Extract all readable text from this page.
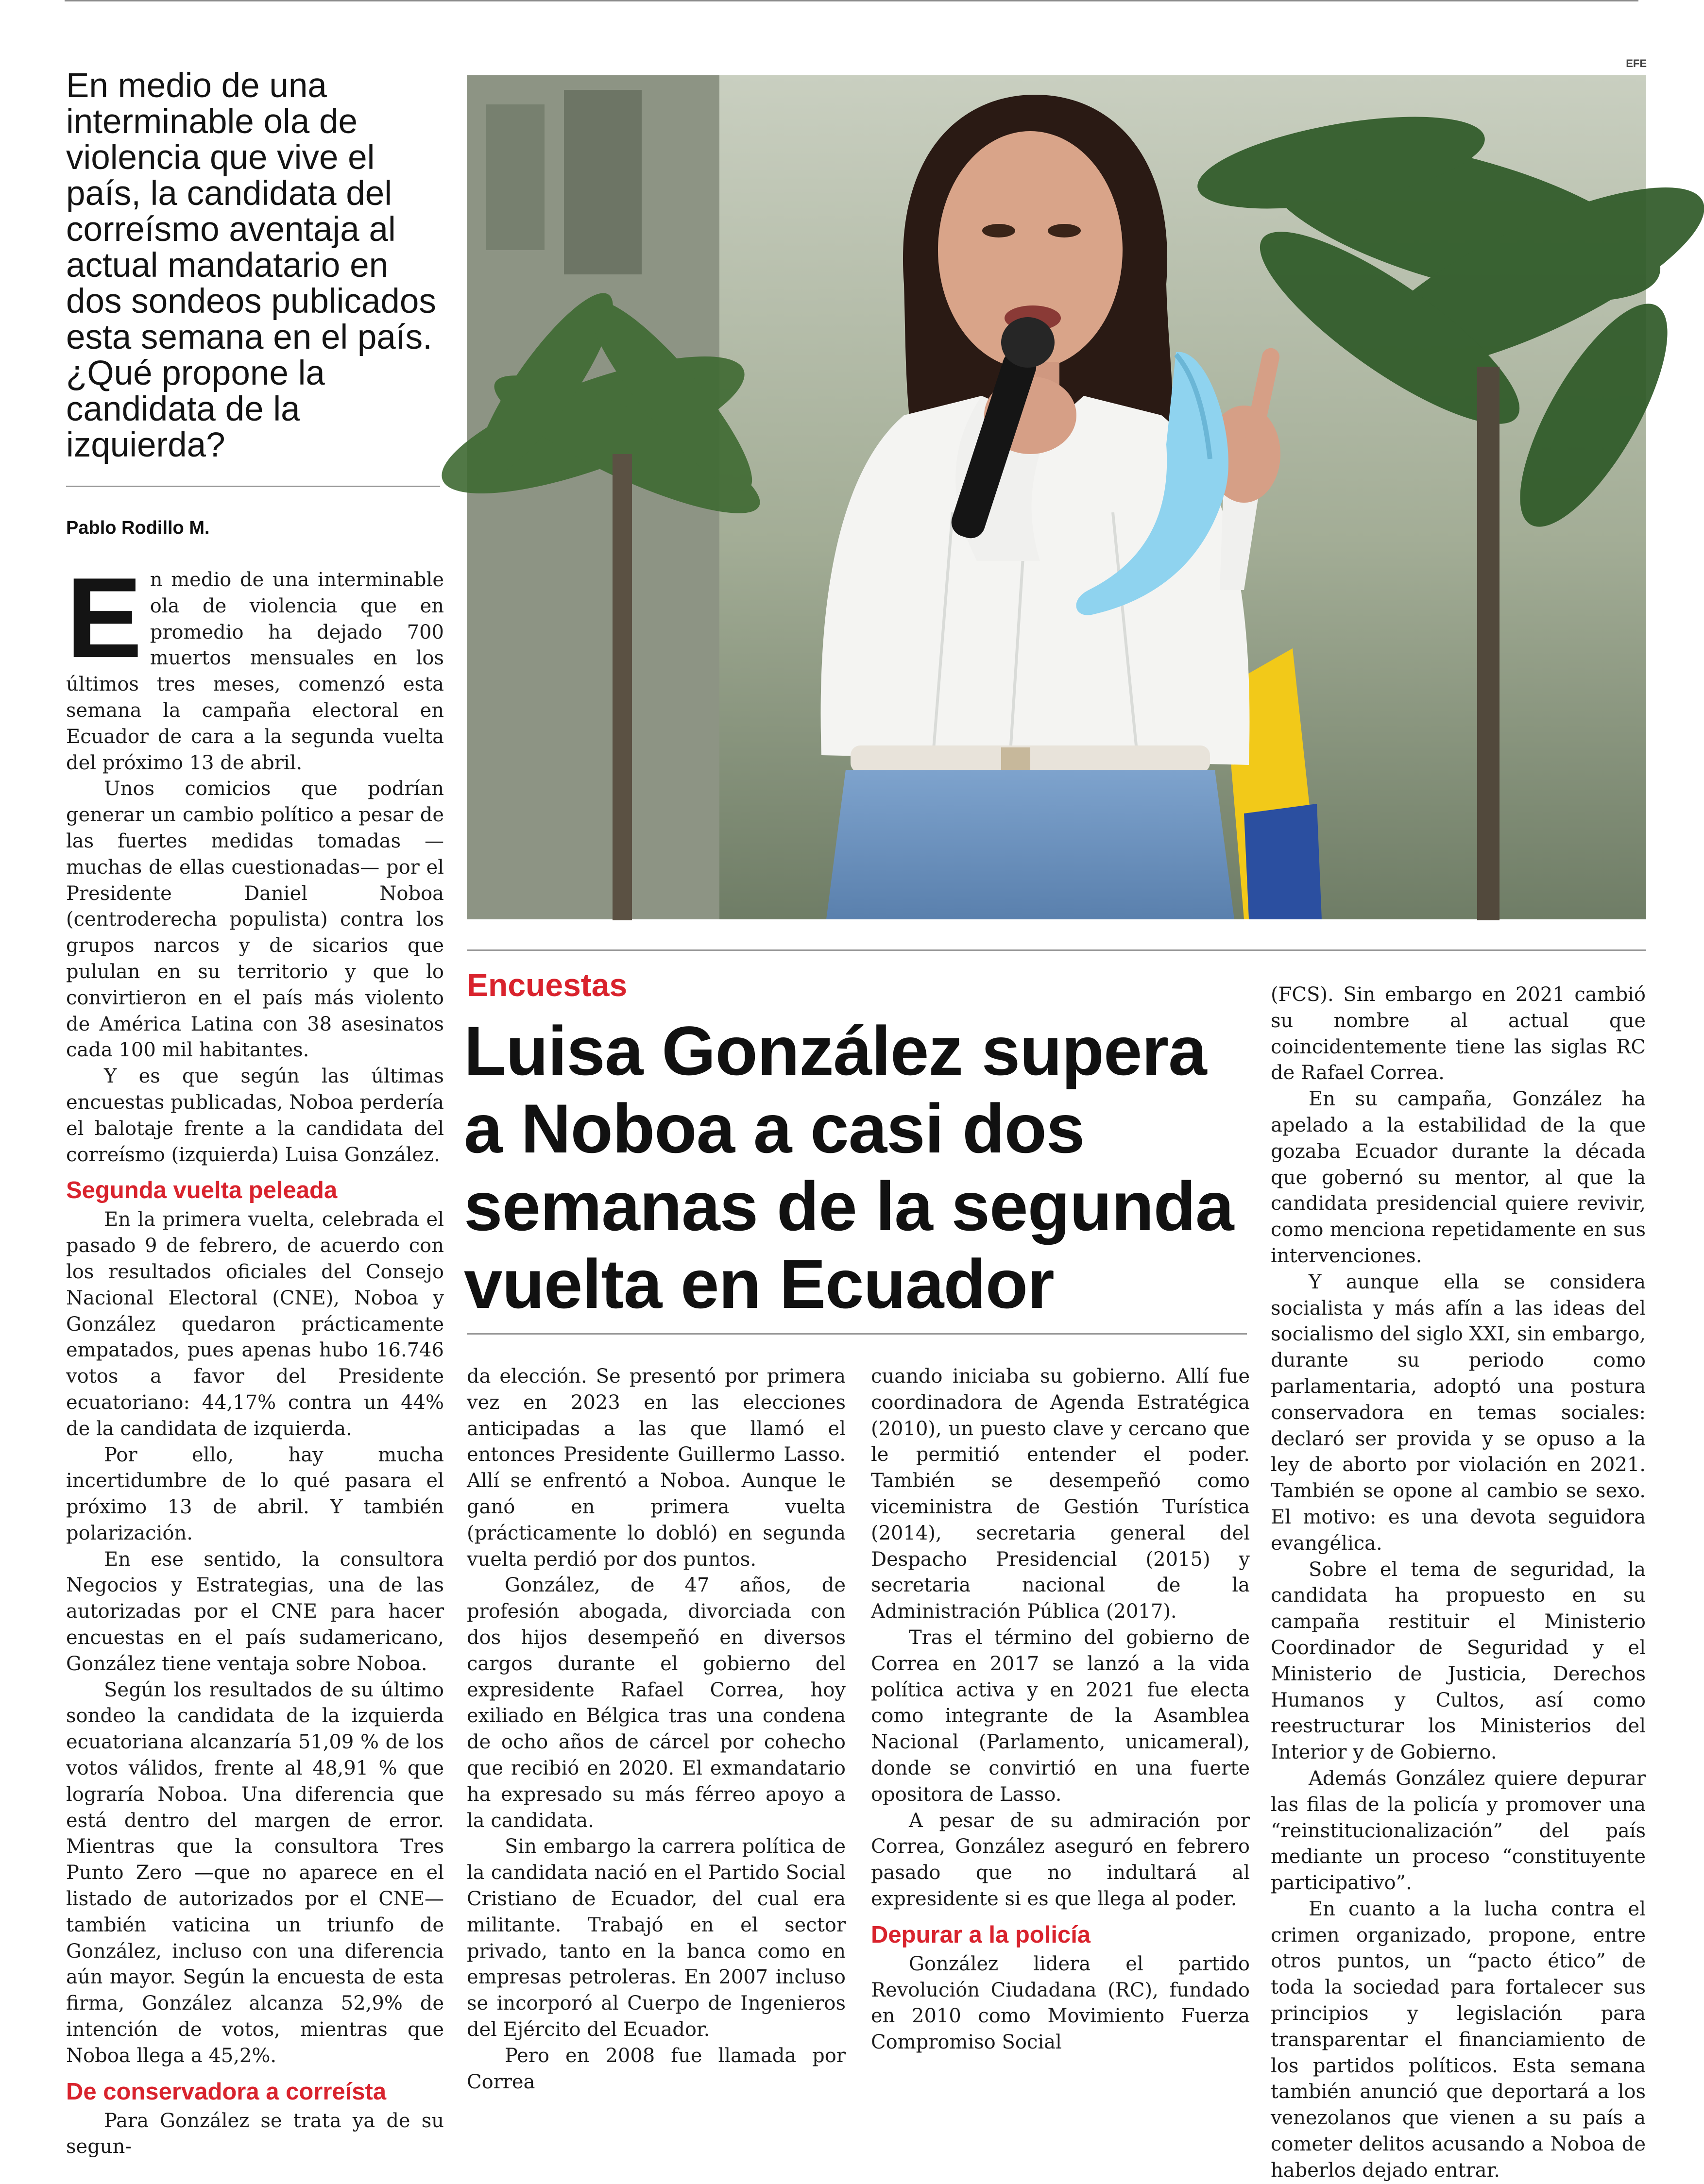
En medio de una interminable ola de violencia que vive el país, la candidata del correísmo aventaja al actual mandatario en dos sondeos publicados esta semana en el país. ¿Qué propone la candidata de la izquierda?

Pablo Rodillo M.

En medio de una interminable ola de violencia que en promedio ha dejado 700 muertos mensuales en los últimos tres meses, comenzó esta semana la campaña electoral en Ecuador de cara a la segunda vuelta del próximo 13 de abril.

Unos comicios que podrían generar un cambio político a pesar de las fuertes medidas tomadas —muchas de ellas cuestionadas— por el Presidente Daniel Noboa (centroderecha populista) contra los grupos narcos y de sicarios que pululan en su territorio y que lo convirtieron en el país más violento de América Latina con 38 asesinatos cada 100 mil habitantes.

Y es que según las últimas encuestas publicadas, Noboa perdería el balotaje frente a la candidata del correísmo (izquierda) Luisa González.

Segunda vuelta peleada

En la primera vuelta, celebrada el pasado 9 de febrero, de acuerdo con los resultados oficiales del Consejo Nacional Electoral (CNE), Noboa y González quedaron prácticamente empatados, pues apenas hubo 16.746 votos a favor del Presidente ecuatoriano: 44,17% contra un 44% de la candidata de izquierda.

Por ello, hay mucha incertidumbre de lo qué pasara el próximo 13 de abril. Y también polarización.

En ese sentido, la consultora Negocios y Estrategias, una de las autorizadas por el CNE para hacer encuestas en el país sudamericano, González tiene ventaja sobre Noboa.

Según los resultados de su último sondeo la candidata de la izquierda ecuatoriana alcanzaría 51,09 % de los votos válidos, frente al 48,91 % que lograría Noboa. Una diferencia que está dentro del margen de error. Mientras que la consultora Tres Punto Zero —que no aparece en el listado de autorizados por el CNE— también vaticina un triunfo de González, incluso con una diferencia aún mayor. Según la encuesta de esta firma, González alcanza 52,9% de intención de votos, mientras que Noboa llega a 45,2%.

De conservadora a correísta

Para González se trata ya de su segun-

EFE
Encuestas
Luisa González supera a Noboa a casi dos semanas de la segunda vuelta en Ecuador

da elección. Se presentó por primera vez en 2023 en las elecciones anticipadas a las que llamó el entonces Presidente Guillermo Lasso. Allí se enfrentó a Noboa. Aunque le ganó en primera vuelta (prácticamente lo dobló) en segunda vuelta perdió por dos puntos.

González, de 47 años, de profesión abogada, divorciada con dos hijos desempeñó en diversos cargos durante el gobierno del expresidente Rafael Correa, hoy exiliado en Bélgica tras una condena de ocho años de cárcel por cohecho que recibió en 2020. El exmandatario ha expresado su más férreo apoyo a la candidata.

Sin embargo la carrera política de la candidata nació en el Partido Social Cristiano de Ecuador, del cual era militante. Trabajó en el sector privado, tanto en la banca como en empresas petroleras. En 2007 incluso se incorporó al Cuerpo de Ingenieros del Ejército del Ecuador.

Pero en 2008 fue llamada por Correa

cuando iniciaba su gobierno. Allí fue coordinadora de Agenda Estratégica (2010), un puesto clave y cercano que le permitió entender el poder. También se desempeñó como viceministra de Gestión Turística (2014), secretaria general del Despacho Presidencial (2015) y secretaria nacional de la Administración Pública (2017).

Tras el término del gobierno de Correa en 2017 se lanzó a la vida política activa y en 2021 fue electa como integrante de la Asamblea Nacional (Parlamento, unicameral), donde se convirtió en una fuerte opositora de Lasso.

A pesar de su admiración por Correa, González aseguró en febrero pasado que no indultará al expresidente si es que llega al poder.

Depurar a la policía

González lidera el partido Revolución Ciudadana (RC), fundado en 2010 como Movimiento Fuerza Compromiso Social

(FCS). Sin embargo en 2021 cambió su nombre al actual que coincidentemente tiene las siglas RC de Rafael Correa.

En su campaña, González ha apelado a la estabilidad de la que gozaba Ecuador durante la década que gobernó su mentor, al que la candidata presidencial quiere revivir, como menciona repetidamente en sus intervenciones.

Y aunque ella se considera socialista y más afín a las ideas del socialismo del siglo XXI, sin embargo, durante su periodo como parlamentaria, adoptó una postura conservadora en temas sociales: declaró ser provida y se opuso a la ley de aborto por violación en 2021. También se opone al cambio se sexo. El motivo: es una devota seguidora evangélica.

Sobre el tema de seguridad, la candidata ha propuesto en su campaña restituir el Ministerio Coordinador de Seguridad y el Ministerio de Justicia, Derechos Humanos y Cultos, así como reestructurar los Ministerios del Interior y de Gobierno.

Además González quiere depurar las filas de la policía y promover una “reinstitucionalización” del país mediante un proceso “constituyente participativo”.

En cuanto a la lucha contra el crimen organizado, propone, entre otros puntos, un “pacto ético” de toda la sociedad para fortalecer sus principios y legislación para transparentar el financiamiento de los partidos políticos. Esta semana también anunció que deportará a los venezolanos que vienen a su país a cometer delitos acusando a Noboa de haberlos dejado entrar.
